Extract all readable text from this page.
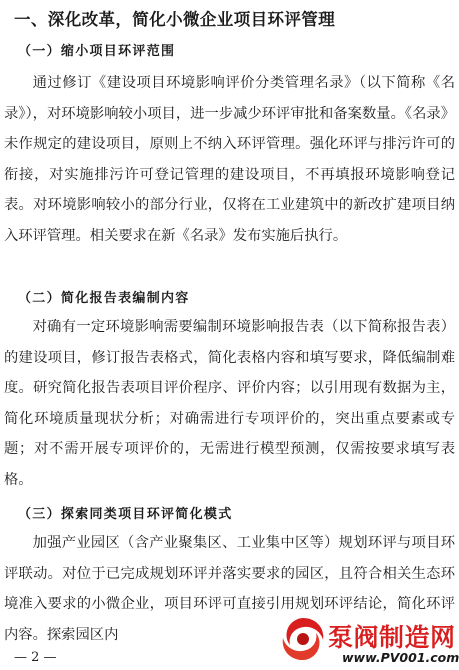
一、深化改革，简化小微企业项目环评管理
（一）缩小项目环评范围

通过修订《建设项目环境影响评价分类管理名录》（以下简称《名录》），对环境影响较小项目，进一步减少环评审批和备案数量。《名录》未作规定的建设项目，原则上不纳入环评管理。强化环评与排污许可的衔接，对实施排污许可登记管理的建设项目，不再填报环境影响登记表。对环境影响较小的部分行业，仅将在工业建筑中的新改扩建项目纳入环评管理。相关要求在新《名录》发布实施后执行。

（二）简化报告表编制内容

对确有一定环境影响需要编制环境影响报告表（以下简称报告表）的建设项目，修订报告表格式，简化表格内容和填写要求，降低编制难度。研究简化报告表项目评价程序、评价内容；以引用现有数据为主，简化环境质量现状分析；对确需进行专项评价的，突出重点要素或专题；对不需开展专项评价的，无需进行模型预测，仅需按要求填写表格。

（三）探索同类项目环评简化模式

加强产业园区（含产业聚集区、工业集中区等）规划环评与项目环评联动。对位于已完成规划环评并落实要求的园区，且符合相关生态环境准入要求的小微企业，项目环评可直接引用规划环评结论，简化环评内容。探索园区内

— 2 —
泵阀制造网
www.PV001.com
